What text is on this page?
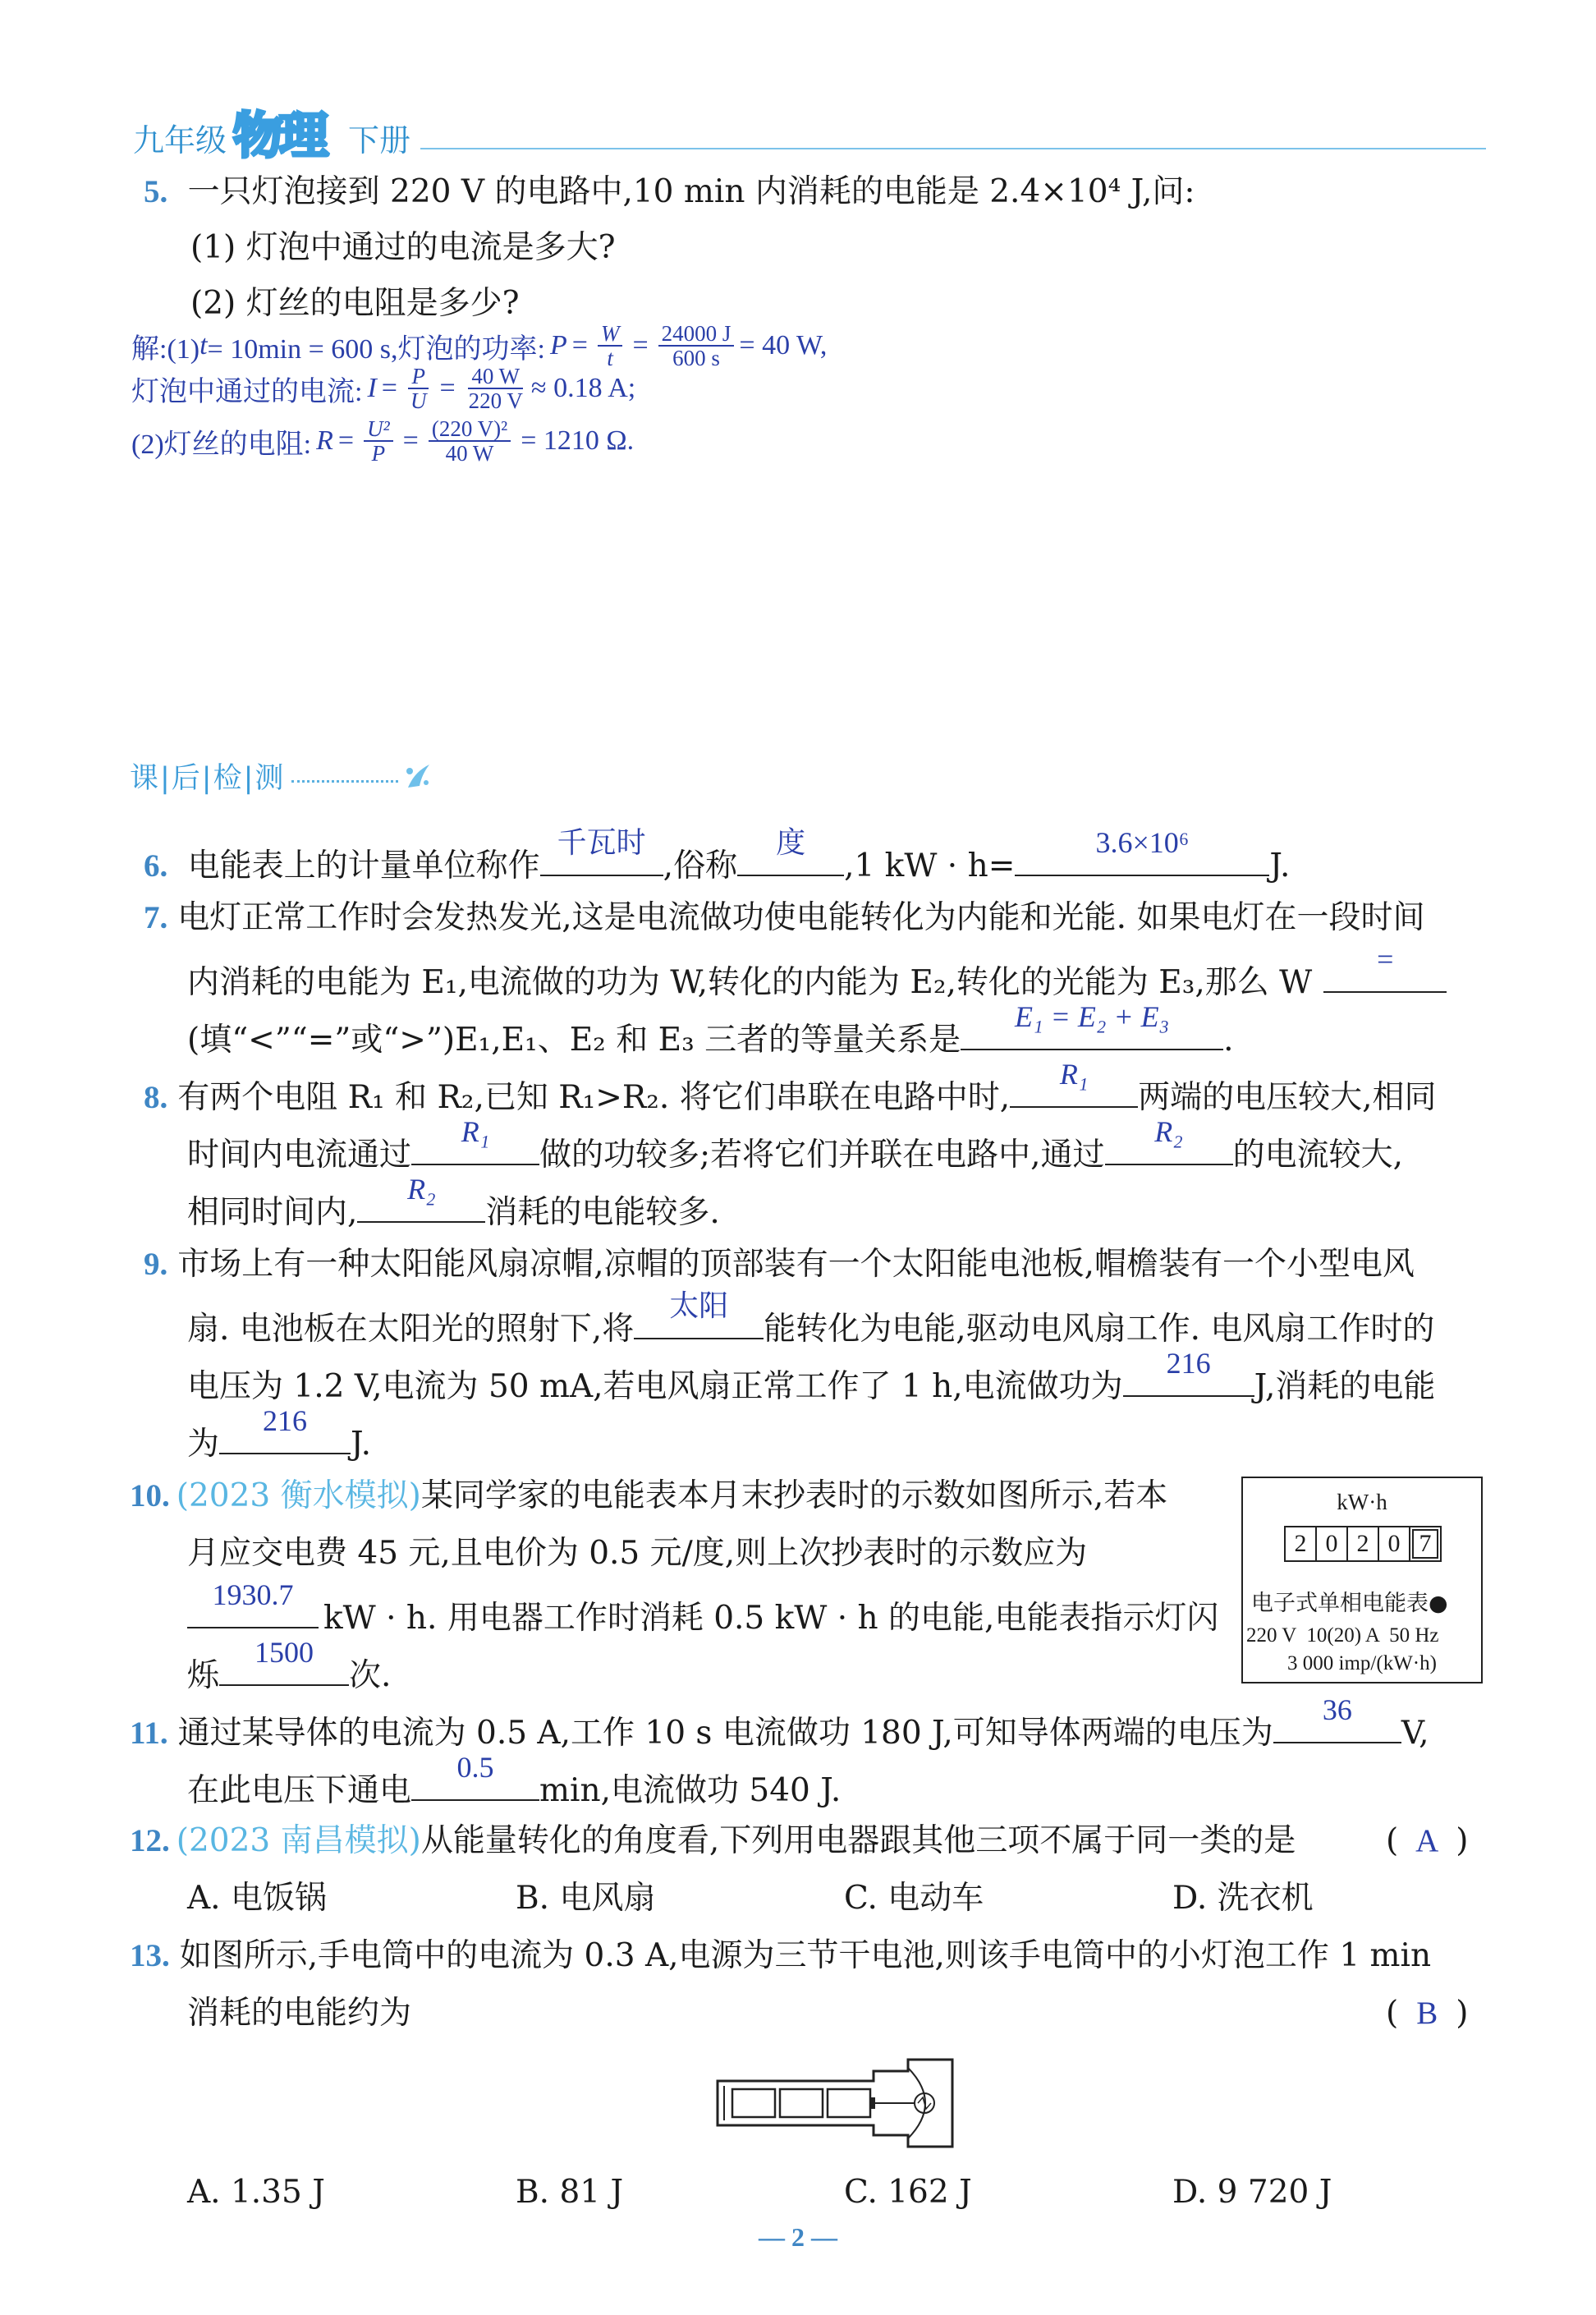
九年级 物理 下册
5. 一只灯泡接到 220 V 的电路中,10 min 内消耗的电能是 2.4×10⁴ J,问:
(1) 灯泡中通过的电流是多大?
(2) 灯丝的电阻是多少?
解:(1) t = 10min = 600 s,灯泡的功率: $P = \frac{W}{t} = \frac{24000 J}{600 s} = 40$ W,
灯泡中通过的电流: $I = \frac{P}{U} = \frac{40 W}{220 V} \approx 0.18$ A;
(2)灯丝的电阻: $R = \frac{\text{U²}}{P} = \frac{\text{(220 V)²}}{40 W} = 1210$ Ω.
课|后|检|测
6. 电能表上的计量单位称作
千瓦时
,俗称
度
,1 kW · h=
3.6×10⁶
J.
7. 电灯正常工作时会发热发光,这是电流做功使电能转化为内能和光能. 如果电灯在一段时间
内消耗的电能为 E₁,电流做的功为 W,转化的内能为 E₂,转化的光能为 E₃,那么 W
=
(填“<”“=”或“>”)E₁,E₁、E₂ 和 E₃ 三者的等量关系是
E₁ = E₂ + E₃
.
8. 有两个电阻 R₁ 和 R₂,已知 R₁>R₂. 将它们串联在电路中时,
R₁
两端的电压较大,相同
时间内电流通过
R₁
做的功较多;若将它们并联在电路中,通过
R₂
的电流较大,
相同时间内,
R₂
消耗的电能较多.
9. 市场上有一种太阳能风扇凉帽,凉帽的顶部装有一个太阳能电池板,帽檐装有一个小型电风
扇. 电池板在太阳光的照射下,将
太阳
能转化为电能,驱动电风扇工作. 电风扇工作时的
电压为 1.2 V,电流为 50 mA,若电风扇正常工作了 1 h,电流做功为
216
J,消耗的电能
为
216
J.
10. (2023 衡水模拟)某同学家的电能表本月末抄表时的示数如图所示,若本
月应交电费 45 元,且电价为 0.5 元/度,则上次抄表时的示数应为
1930.7
kW · h. 用电器工作时消耗 0.5 kW · h 的电能,电能表指示灯闪
烁
1500
次.
kW·h
2 0 2 0 7
电子式单相电能表●
220 V  10(20) A  50 Hz
3 000 imp/(kW·h)
11. 通过某导体的电流为 0.5 A,工作 10 s 电流做功 180 J,可知导体两端的电压为
36
V,
在此电压下通电
0.5
min,电流做功 540 J.
12. (2023 南昌模拟)从能量转化的角度看,下列用电器跟其他三项不属于同一类的是	( A )
A. 电饭锅	B. 电风扇	C. 电动车	D. 洗衣机
13. 如图所示,手电筒中的电流为 0.3 A,电源为三节干电池,则该手电筒中的小灯泡工作 1 min
消耗的电能约为	( B )
A. 1.35 J	B. 81 J	C. 162 J	D. 9 720 J
— 2 —
